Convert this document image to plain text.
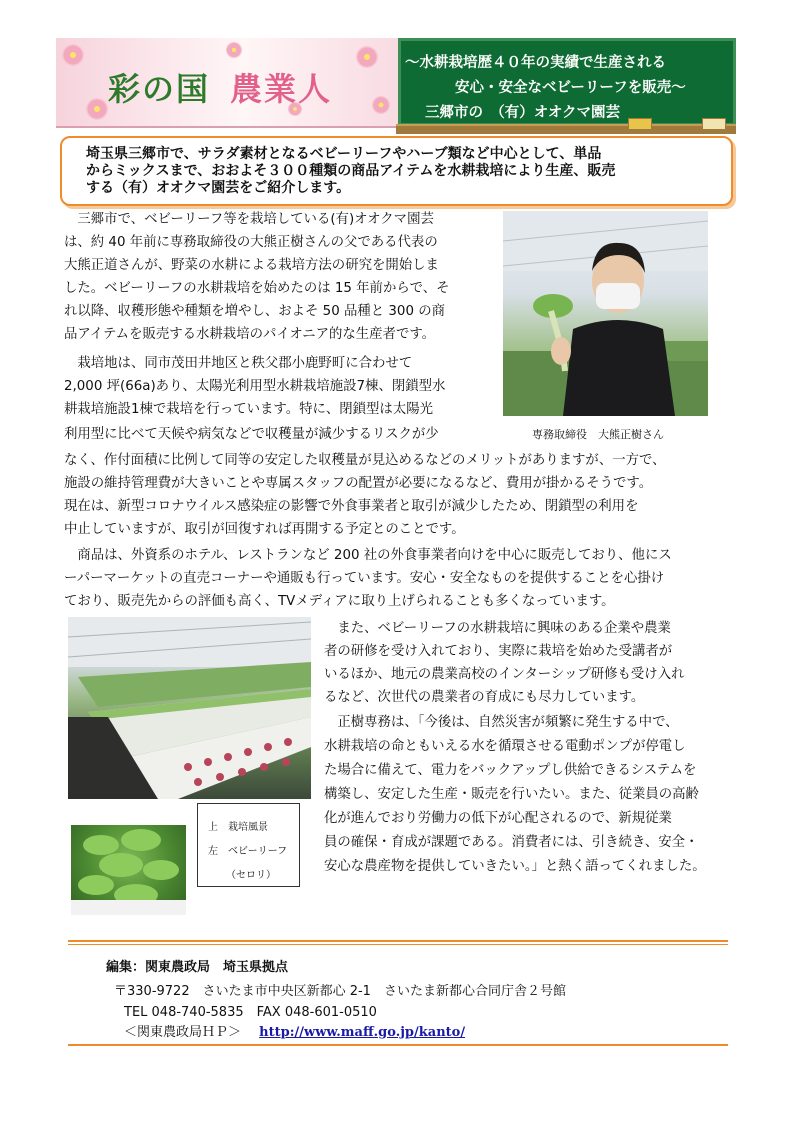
彩の国 農業人
～水耕栽培歴４０年の実績で生産される
安心・安全なベビーリーフを販売～
三郷市の　（有）オオクマ園芸

埼玉県三郷市で、サラダ素材となるベビーリーフやハーブ類など中心として、単品
からミックスまで、おおよそ３００種類の商品アイテムを水耕栽培により生産、販売
する（有）オオクマ園芸をご紹介します。

　三郷市で、ベビーリーフ等を栽培している(有)オオクマ園芸
は、約 40 年前に専務取締役の大熊正樹さんの父である代表の
大熊正道さんが、野菜の水耕による栽培方法の研究を開始しま
した。ベビーリーフの水耕栽培を始めたのは 15 年前からで、そ
れ以降、収穫形態や種類を増やし、およそ 50 品種と 300 の商
品アイテムを販売する水耕栽培のパイオニア的な生産者です。
　栽培地は、同市茂田井地区と秩父郡小鹿野町に合わせて
2,000 坪(66a)あり、太陽光利用型水耕栽培施設7棟、閉鎖型水
耕栽培施設1棟で栽培を行っています。特に、閉鎖型は太陽光
利用型に比べて天候や病気などで収穫量が減少するリスクが少	専務取締役　大熊正樹さん
なく、作付面積に比例して同等の安定した収穫量が見込めるなどのメリットがありますが、一方で、
施設の維持管理費が大きいことや専属スタッフの配置が必要になるなど、費用が掛かるそうです。
現在は、新型コロナウイルス感染症の影響で外食事業者と取引が減少したため、閉鎖型の利用を
中止していますが、取引が回復すれば再開する予定とのことです。
　商品は、外資系のホテル、レストランなど 200 社の外食事業者向けを中心に販売しており、他にス
ーパーマーケットの直売コーナーや通販も行っています。安心・安全なものを提供することを心掛け
ており、販売先からの評価も高く、TVメディアに取り上げられることも多くなっています。
上　栽培風景
左　ベビーリーフ
（セロリ）
　また、ベビーリーフの水耕栽培に興味のある企業や農業
者の研修を受け入れており、実際に栽培を始めた受講者が
いるほか、地元の農業高校のインターシップ研修も受け入れ
るなど、次世代の農業者の育成にも尽力しています。
　正樹専務は、「今後は、自然災害が頻繁に発生する中で、
水耕栽培の命ともいえる水を循環させる電動ポンプが停電し
た場合に備えて、電力をバックアップし供給できるシステムを
構築し、安定した生産・販売を行いたい。また、従業員の高齢
化が進んでおり労働力の低下が心配されるので、新規従業
員の確保・育成が課題である。消費者には、引き続き、安全・
安心な農産物を提供していきたい。」と熱く語ってくれました。
編集：関東農政局　埼玉県拠点
〒330-9722　さいたま市中央区新都心 2-1　さいたま新都心合同庁舎２号館
TEL 048-740-5835　FAX 048-601-0510
＜関東農政局ＨＰ＞ http://www.maff.go.jp/kanto/
